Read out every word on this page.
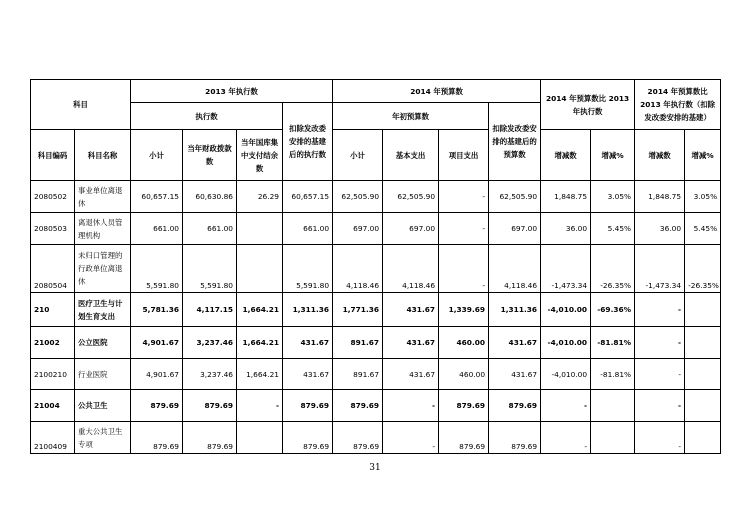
科目		2013 年执行数				2014 年预算数				2014 年预算数比 2013 年执行数		2014 年预算数比 2013 年执行数（扣除发改委安排的基建）	
		执行数			扣除发改委安排的基建后的执行数	年初预算数			扣除发改委安排的基建后的预算数				
科目编码	科目名称	小计	当年财政拨款数	当年国库集中支付结余数		小计	基本支出	项目支出		增减数	增减%	增减数	增减%
2080502	事业单位离退休	60,657.15	60,630.86	26.29	60,657.15	62,505.90	62,505.90	-	62,505.90	1,848.75	3.05%	1,848.75	3.05%
2080503	离退休人员管理机构	661.00	661.00		661.00	697.00	697.00	-	697.00	36.00	5.45%	36.00	5.45%
2080504	未归口管理的行政单位离退休	5,591.80	5,591.80		5,591.80	4,118.46	4,118.46	-	4,118.46	-1,473.34	-26.35%	-1,473.34	-26.35%
210	医疗卫生与计划生育支出	5,781.36	4,117.15	1,664.21	1,311.36	1,771.36	431.67	1,339.69	1,311.36	-4,010.00	-69.36%	-	
21002	公立医院	4,901.67	3,237.46	1,664.21	431.67	891.67	431.67	460.00	431.67	-4,010.00	-81.81%	-	
2100210	行业医院	4,901.67	3,237.46	1,664.21	431.67	891.67	431.67	460.00	431.67	-4,010.00	-81.81%	-	
21004	公共卫生	879.69	879.69	-	879.69	879.69	-	879.69	879.69	-		-	
2100409	重大公共卫生专项	879.69	879.69		879.69	879.69	-	879.69	879.69	-		-	
31
